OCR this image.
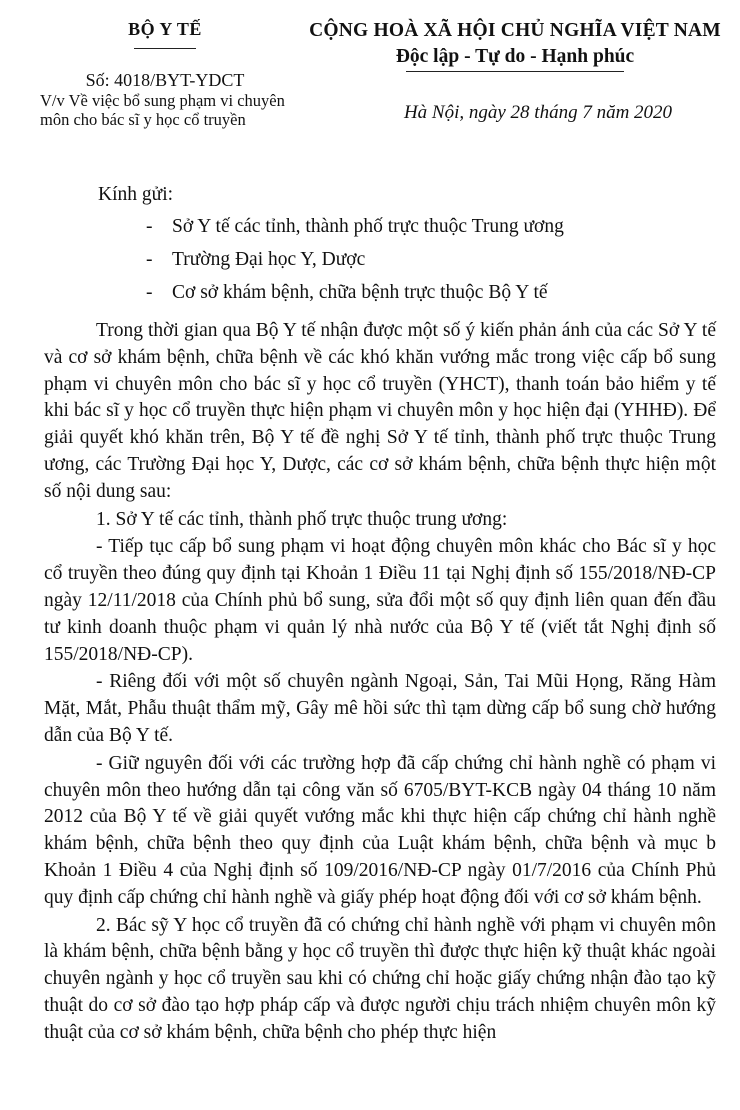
BỘ Y TẾ
Số: 4018/BYT-YDCT
V/v Về việc bổ sung phạm vi chuyên môn cho bác sĩ y học cổ truyền
CỘNG HOÀ XÃ HỘI CHỦ NGHĨA VIỆT NAM
Độc lập - Tự do - Hạnh phúc
Hà Nội, ngày 28 tháng 7 năm 2020
Kính gửi:
- Sở Y tế các tỉnh, thành phố trực thuộc Trung ương
- Trường Đại học Y, Dược
- Cơ sở khám bệnh, chữa bệnh trực thuộc Bộ Y tế

Trong thời gian qua Bộ Y tế nhận được một số ý kiến phản ánh của các Sở Y tế và cơ sở khám bệnh, chữa bệnh về các khó khăn vướng mắc trong việc cấp bổ sung phạm vi chuyên môn cho bác sĩ y học cổ truyền (YHCT), thanh toán bảo hiểm y tế khi bác sĩ y học cổ truyền thực hiện phạm vi chuyên môn y học hiện đại (YHHĐ). Để giải quyết khó khăn trên, Bộ Y tế đề nghị Sở Y tế tỉnh, thành phố trực thuộc Trung ương, các Trường Đại học Y, Dược, các cơ sở khám bệnh, chữa bệnh thực hiện một số nội dung sau:

1. Sở Y tế các tỉnh, thành phố trực thuộc trung ương:

- Tiếp tục cấp bổ sung phạm vi hoạt động chuyên môn khác cho Bác sĩ y học cổ truyền theo đúng quy định tại Khoản 1 Điều 11 tại Nghị định số 155/2018/NĐ-CP ngày 12/11/2018 của Chính phủ bổ sung, sửa đổi một số quy định liên quan đến đầu tư kinh doanh thuộc phạm vi quản lý nhà nước của Bộ Y tế (viết tắt Nghị định số 155/2018/NĐ-CP).

- Riêng đối với một số chuyên ngành Ngoại, Sản, Tai Mũi Họng, Răng Hàm Mặt, Mắt, Phẫu thuật thẩm mỹ, Gây mê hồi sức thì tạm dừng cấp bổ sung chờ hướng dẫn của Bộ Y tế.

- Giữ nguyên đối với các trường hợp đã cấp chứng chỉ hành nghề có phạm vi chuyên môn theo hướng dẫn tại công văn số 6705/BYT-KCB ngày 04 tháng 10 năm 2012 của Bộ Y tế về giải quyết vướng mắc khi thực hiện cấp chứng chỉ hành nghề khám bệnh, chữa bệnh theo quy định của Luật khám bệnh, chữa bệnh và mục b Khoản 1 Điều 4 của Nghị định số 109/2016/NĐ-CP ngày 01/7/2016 của Chính Phủ quy định cấp chứng chỉ hành nghề và giấy phép hoạt động đối với cơ sở khám bệnh.

2. Bác sỹ Y học cổ truyền đã có chứng chỉ hành nghề với phạm vi chuyên môn là khám bệnh, chữa bệnh bằng y học cổ truyền thì được thực hiện kỹ thuật khác ngoài chuyên ngành y học cổ truyền sau khi có chứng chỉ hoặc giấy chứng nhận đào tạo kỹ thuật do cơ sở đào tạo hợp pháp cấp và được người chịu trách nhiệm chuyên môn kỹ thuật của cơ sở khám bệnh, chữa bệnh cho phép thực hiện
